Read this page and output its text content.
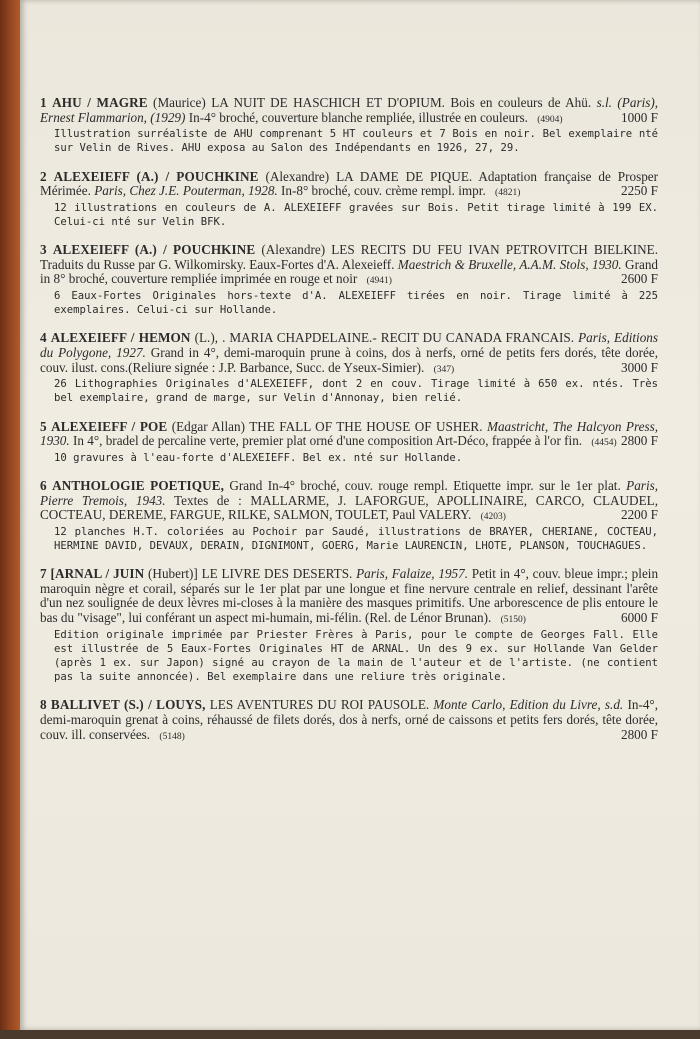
1 AHU / MAGRE (Maurice) LA NUIT DE HASCHICH ET D'OPIUM. Bois en couleurs de Ahü. s.l. (Paris), Ernest Flammarion, (1929) In-4° broché, couverture blanche rempliée, illustrée en couleurs. (4904)	1000 F
Illustration surréaliste de AHU comprenant 5 HT couleurs et 7 Bois en noir. Bel exemplaire nté sur Velin de Rives. AHU exposa au Salon des Indépendants en 1926, 27, 29.
2 ALEXEIEFF (A.) / POUCHKINE (Alexandre) LA DAME DE PIQUE. Adaptation française de Prosper Mérimée. Paris, Chez J.E. Pouterman, 1928. In-8° broché, couv. crème rempl. impr. (4821)	2250 F
12 illustrations en couleurs de A. ALEXEIEFF gravées sur Bois. Petit tirage limité à 199 EX. Celui-ci nté sur Velin BFK.
3 ALEXEIEFF (A.) / POUCHKINE (Alexandre) LES RECITS DU FEU IVAN PETROVITCH BIELKINE. Traduits du Russe par G. Wilkomirsky. Eaux-Fortes d'A. Alexeieff. Maestrich & Bruxelle, A.A.M. Stols, 1930. Grand in 8° broché, couverture rempliée imprimée en rouge et noir (4941)	2600 F
6 Eaux-Fortes Originales hors-texte d'A. ALEXEIEFF tirées en noir. Tirage limité à 225 exemplaires. Celui-ci sur Hollande.
4 ALEXEIEFF / HEMON (L.), . MARIA CHAPDELAINE.- RECIT DU CANADA FRANCAIS. Paris, Editions du Polygone, 1927. Grand in 4°, demi-maroquin prune à coins, dos à nerfs, orné de petits fers dorés, tête dorée, couv. ilust. cons.(Reliure signée : J.P. Barbance, Succ. de Yseux-Simier). (347)	3000 F
26 Lithographies Originales d'ALEXEIEFF, dont 2 en couv. Tirage limité à 650 ex. ntés. Très bel exemplaire, grand de marge, sur Velin d'Annonay, bien relié.
5 ALEXEIEFF / POE (Edgar Allan) THE FALL OF THE HOUSE OF USHER. Maastricht, The Halcyon Press, 1930. In 4°, bradel de percaline verte, premier plat orné d'une composition Art-Déco, frappée à l'or fin. (4454) 2800 F
10 gravures à l'eau-forte d'ALEXEIEFF. Bel ex. nté sur Hollande.
6 ANTHOLOGIE POETIQUE, Grand In-4° broché, couv. rouge rempl. Etiquette impr. sur le 1er plat. Paris, Pierre Tremois, 1943. Textes de : MALLARME, J. LAFORGUE, APOLLINAIRE, CARCO, CLAUDEL, COCTEAU, DEREME, FARGUE, RILKE, SALMON, TOULET, Paul VALERY. (4203)	2200 F
12 planches H.T. coloriées au Pochoir par Saudé, illustrations de BRAYER, CHERIANE, COCTEAU, HERMINE DAVID, DEVAUX, DERAIN, DIGNIMONT, GOERG, Marie LAURENCIN, LHOTE, PLANSON, TOUCHAGUES.
7 [ARNAL / JUIN (Hubert)] LE LIVRE DES DESERTS. Paris, Falaize, 1957. Petit in 4°, couv. bleue impr.; plein maroquin nègre et corail, séparés sur le 1er plat par une longue et fine nervure centrale en relief, dessinant l'arête d'un nez soulignée de deux lèvres mi-closes à la manière des masques primitifs. Une arborescence de plis entoure le bas du "visage", lui conférant un aspect mi-humain, mi-félin. (Rel. de Lénor Brunan). (5150)	6000 F
Edition originale imprimée par Priester Frères à Paris, pour le compte de Georges Fall. Elle est illustrée de 5 Eaux-Fortes Originales HT de ARNAL. Un des 9 ex. sur Hollande Van Gelder (après 1 ex. sur Japon) signé au crayon de la main de l'auteur et de l'artiste. (ne contient pas la suite annoncée). Bel exemplaire dans une reliure très originale.
8 BALLIVET (S.) / LOUYS, LES AVENTURES DU ROI PAUSOLE. Monte Carlo, Edition du Livre, s.d. In-4°, demi-maroquin grenat à coins, réhaussé de filets dorés, dos à nerfs, orné de caissons et petits fers dorés, tête dorée, couv. ill. conservées. (5148)	2800 F
